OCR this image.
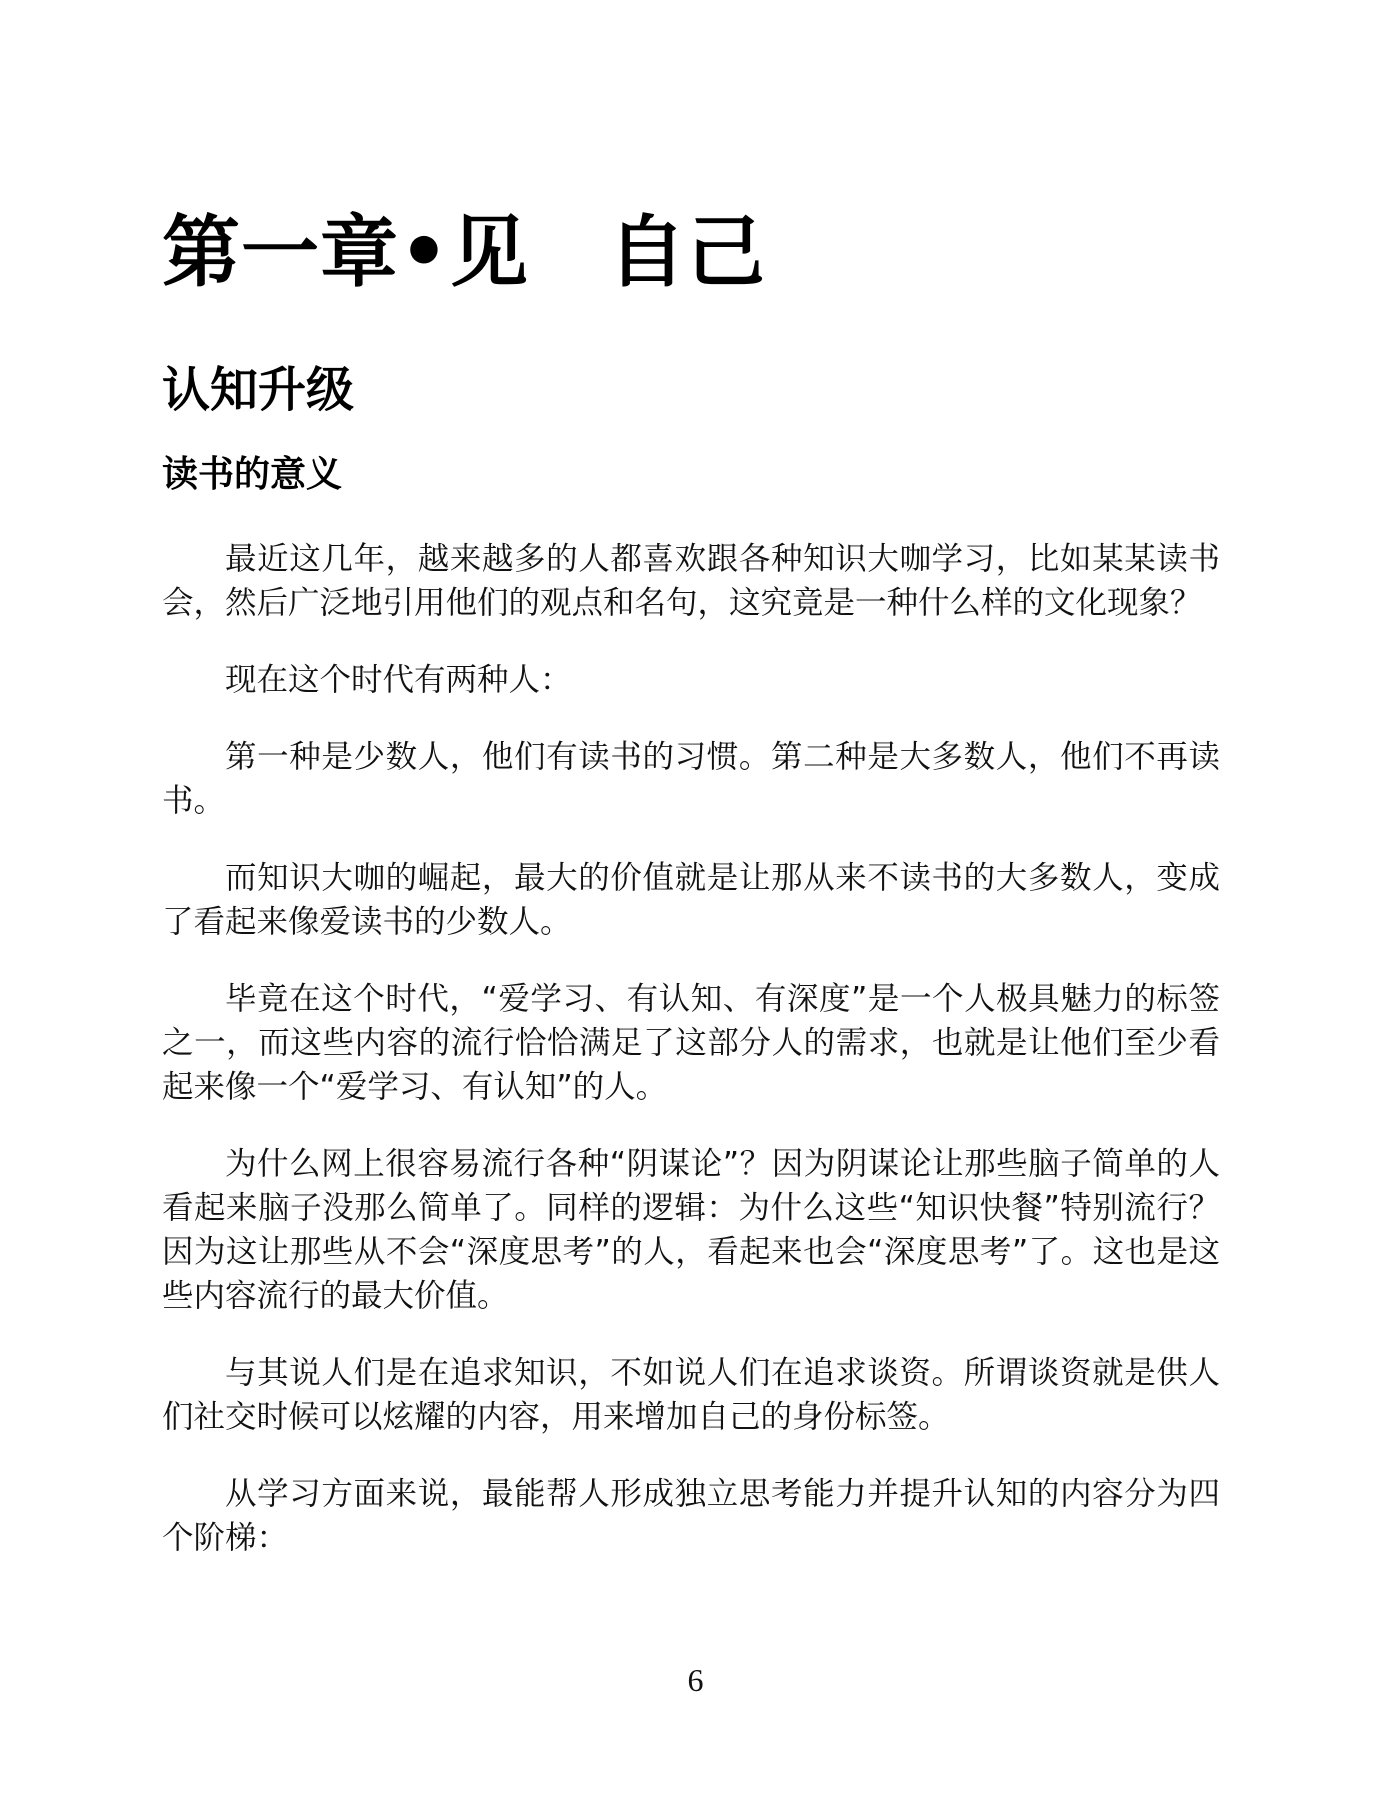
第一章•见　自己
认知升级
读书的意义

最近这几年，越来越多的人都喜欢跟各种知识大咖学习，比如某某读书会，然后广泛地引用他们的观点和名句，这究竟是一种什么样的文化现象？

现在这个时代有两种人：

第一种是少数人，他们有读书的习惯。第二种是大多数人，他们不再读书。

而知识大咖的崛起，最大的价值就是让那从来不读书的大多数人，变成了看起来像爱读书的少数人。

毕竟在这个时代，“爱学习、有认知、有深度”是一个人极具魅力的标签之一，而这些内容的流行恰恰满足了这部分人的需求，也就是让他们至少看起来像一个“爱学习、有认知”的人。

为什么网上很容易流行各种“阴谋论”？因为阴谋论让那些脑子简单的人看起来脑子没那么简单了。同样的逻辑：为什么这些“知识快餐”特别流行？因为这让那些从不会“深度思考”的人，看起来也会“深度思考”了。这也是这些内容流行的最大价值。

与其说人们是在追求知识，不如说人们在追求谈资。所谓谈资就是供人们社交时候可以炫耀的内容，用来增加自己的身份标签。

从学习方面来说，最能帮人形成独立思考能力并提升认知的内容分为四个阶梯：

6
